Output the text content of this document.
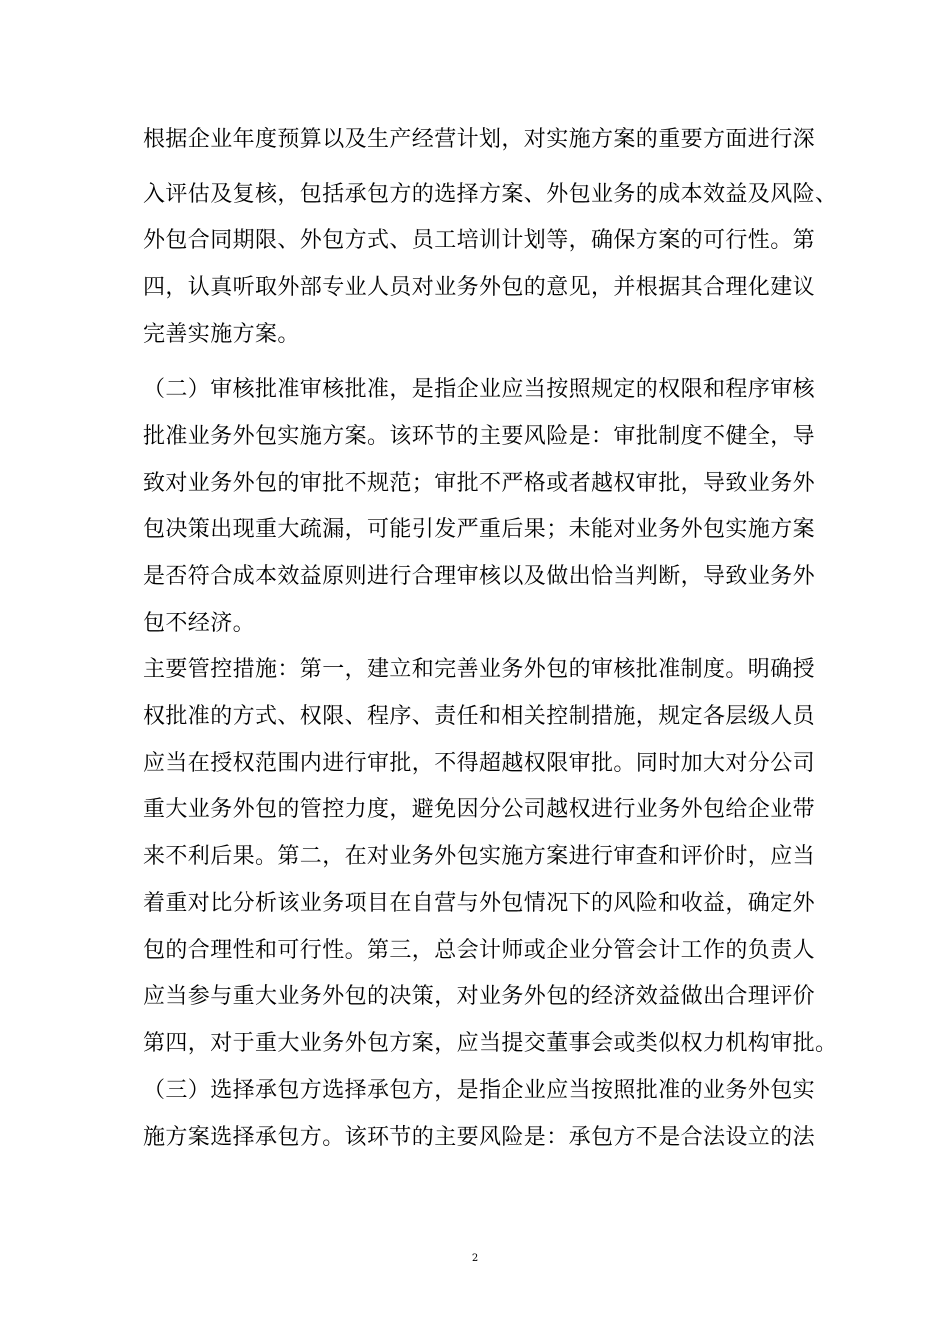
根据企业年度预算以及生产经营计划，对实施方案的重要方面进行深
入评估及复核，包括承包方的选择方案、外包业务的成本效益及风险、
外包合同期限、外包方式、员工培训计划等，确保方案的可行性。第
四，认真听取外部专业人员对业务外包的意见，并根据其合理化建议
完善实施方案。
（二）审核批准审核批准，是指企业应当按照规定的权限和程序审核
批准业务外包实施方案。该环节的主要风险是：审批制度不健全，导
致对业务外包的审批不规范；审批不严格或者越权审批，导致业务外
包决策出现重大疏漏，可能引发严重后果；未能对业务外包实施方案
是否符合成本效益原则进行合理审核以及做出恰当判断，导致业务外
包不经济。
主要管控措施：第一，建立和完善业务外包的审核批准制度。明确授
权批准的方式、权限、程序、责任和相关控制措施，规定各层级人员
应当在授权范围内进行审批，不得超越权限审批。同时加大对分公司
重大业务外包的管控力度，避免因分公司越权进行业务外包给企业带
来不利后果。第二，在对业务外包实施方案进行审查和评价时，应当
着重对比分析该业务项目在自营与外包情况下的风险和收益，确定外
包的合理性和可行性。第三，总会计师或企业分管会计工作的负责人
应当参与重大业务外包的决策，对业务外包的经济效益做出合理评价
第四，对于重大业务外包方案，应当提交董事会或类似权力机构审批。
（三）选择承包方选择承包方，是指企业应当按照批准的业务外包实
施方案选择承包方。该环节的主要风险是：承包方不是合法设立的法
2
